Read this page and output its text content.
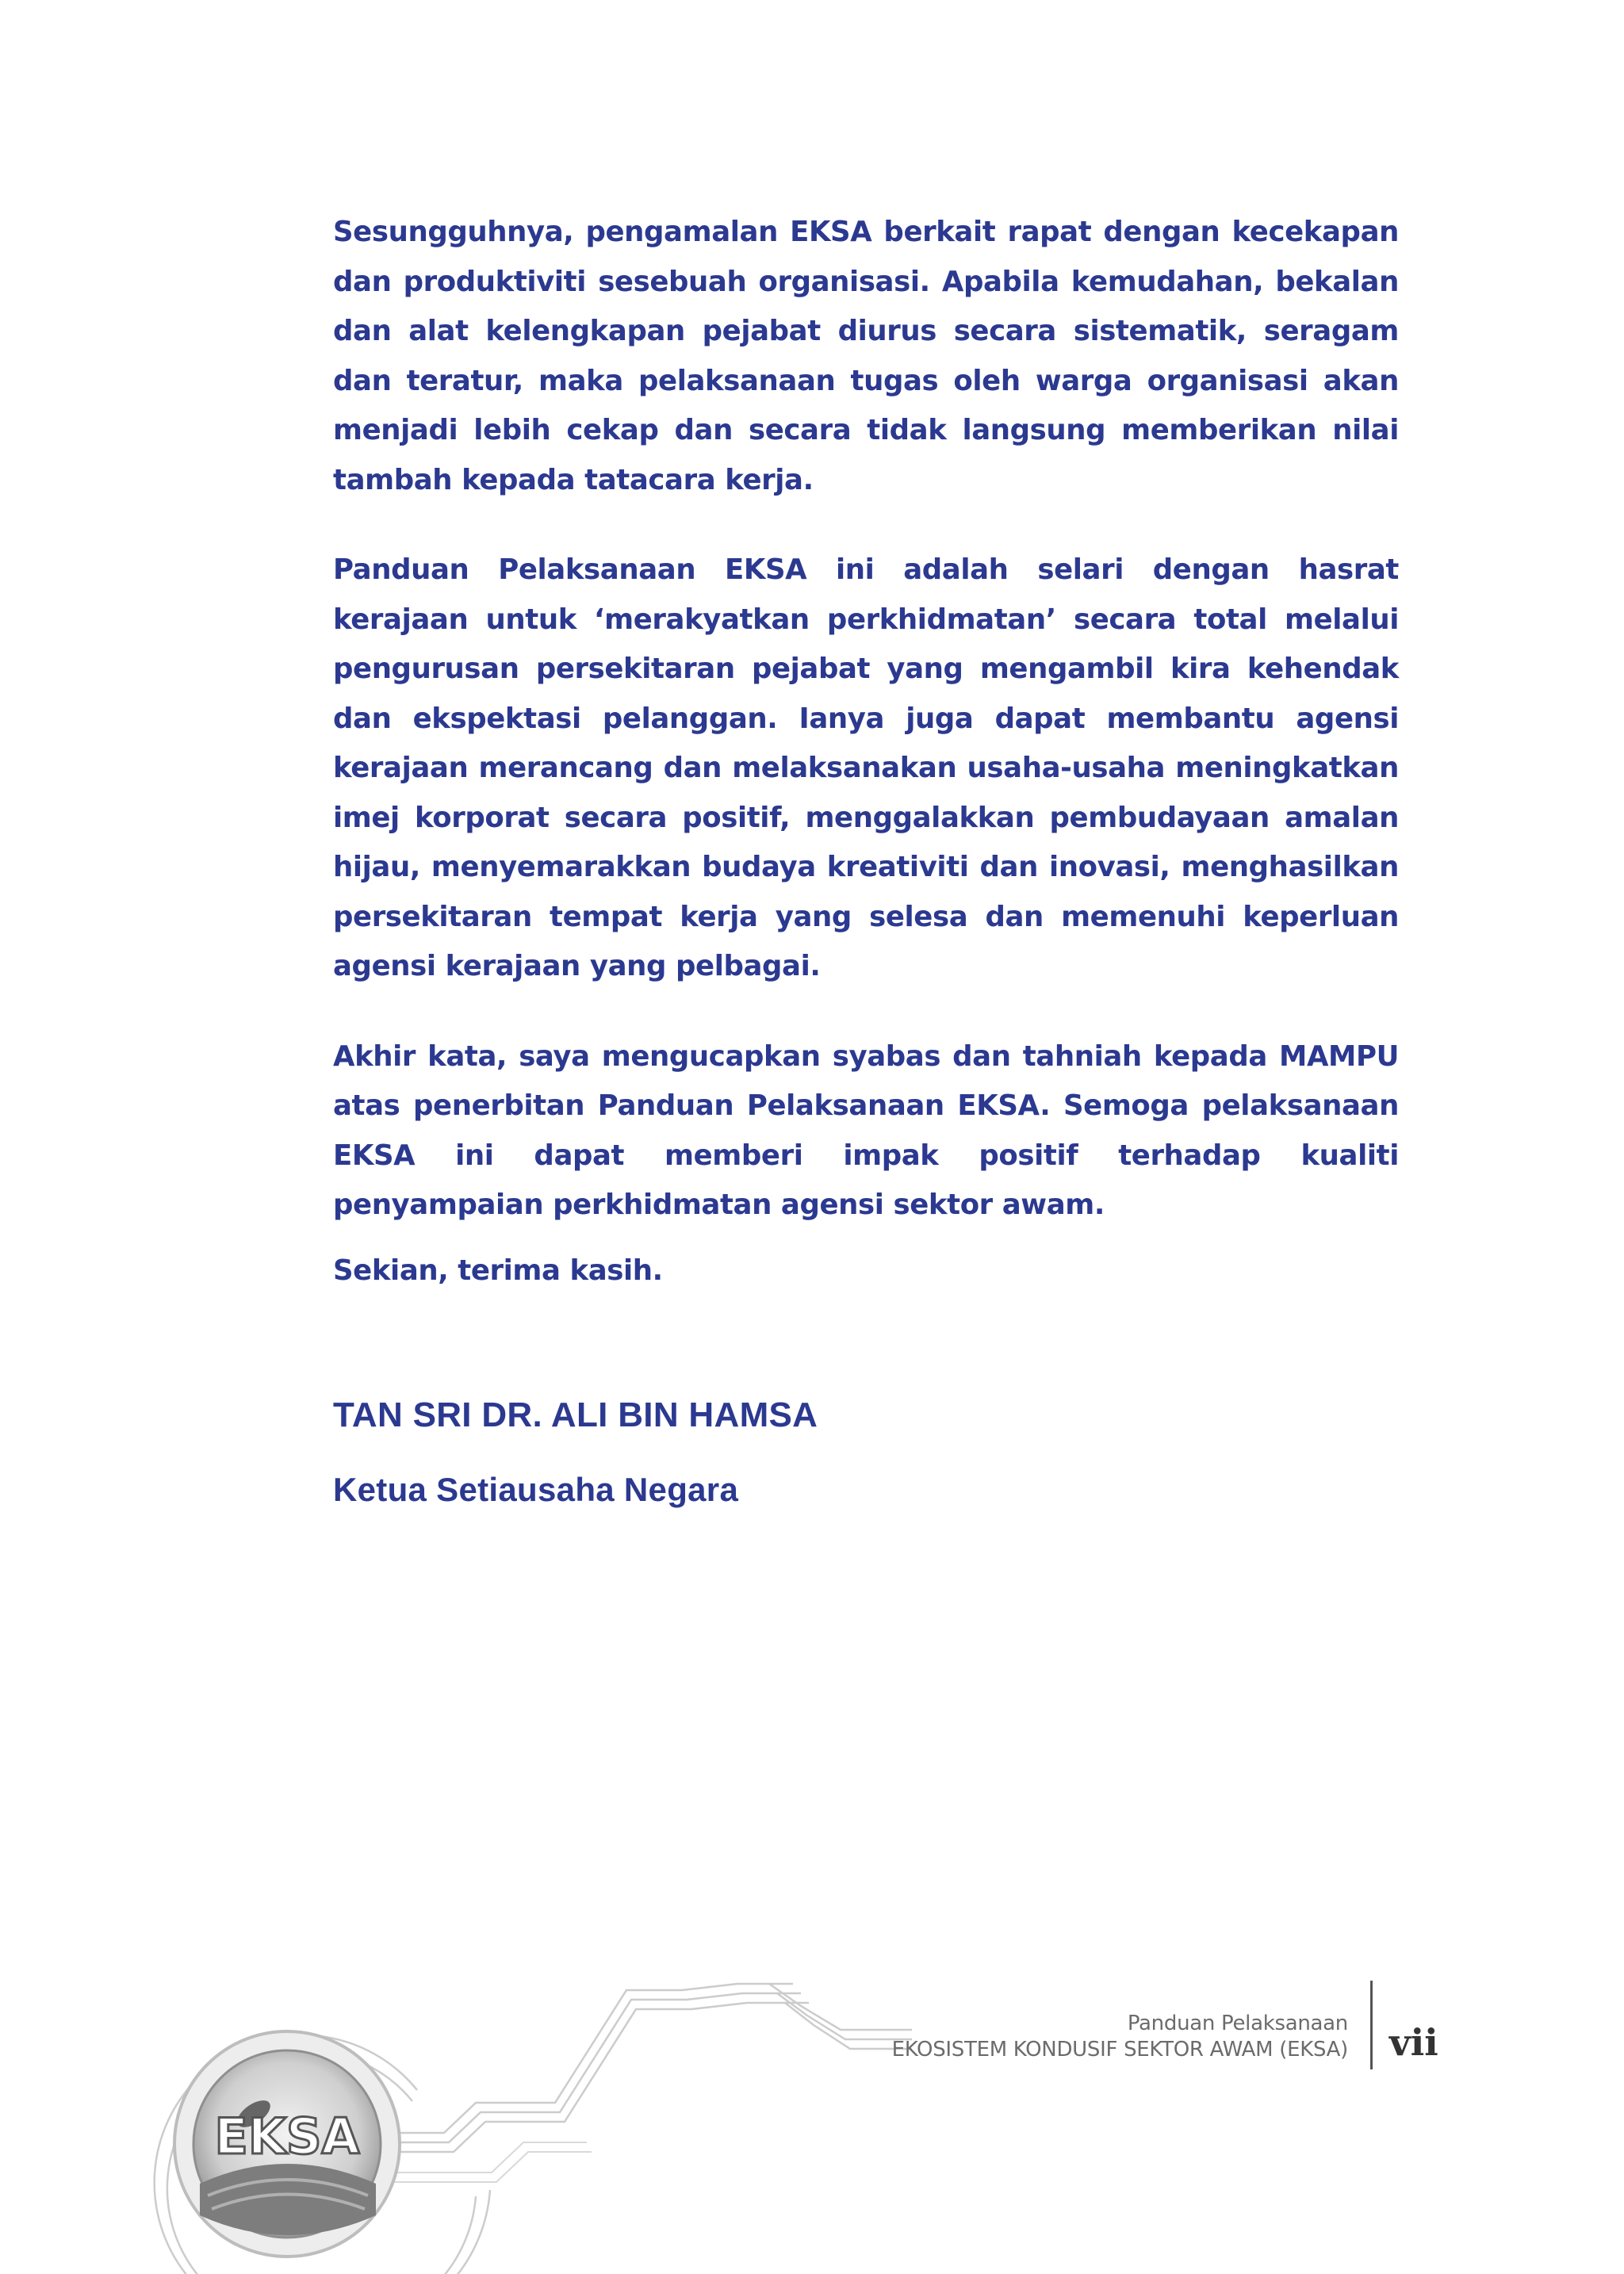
Sesungguhnya, pengamalan EKSA berkait rapat dengan kecekapan dan produktiviti sesebuah organisasi. Apabila kemudahan, bekalan dan alat kelengkapan pejabat diurus secara sistematik, seragam dan teratur, maka pelaksanaan tugas oleh warga organisasi akan menjadi lebih cekap dan secara tidak langsung memberikan nilai tambah kepada tatacara kerja.

Panduan Pelaksanaan EKSA ini adalah selari dengan hasrat kerajaan untuk ‘merakyatkan perkhidmatan’ secara total melalui pengurusan persekitaran pejabat yang mengambil kira kehendak dan ekspektasi pelanggan. Ianya juga dapat membantu agensi kerajaan merancang dan melaksanakan usaha-usaha meningkatkan imej korporat secara positif, menggalakkan pembudayaan amalan hijau, menyemarakkan budaya kreativiti dan inovasi, menghasilkan persekitaran tempat kerja yang selesa dan memenuhi keperluan agensi kerajaan yang pelbagai.

Akhir kata, saya mengucapkan syabas dan tahniah kepada MAMPU atas penerbitan Panduan Pelaksanaan EKSA. Semoga pelaksanaan EKSA ini dapat memberi impak positif terhadap kualiti penyampaian perkhidmatan agensi sektor awam.

Sekian, terima kasih.
TAN SRI DR. ALI BIN HAMSA
Ketua Setiausaha Negara
EKSA
Panduan Pelaksanaan
EKOSISTEM KONDUSIF SEKTOR AWAM (EKSA) vii
